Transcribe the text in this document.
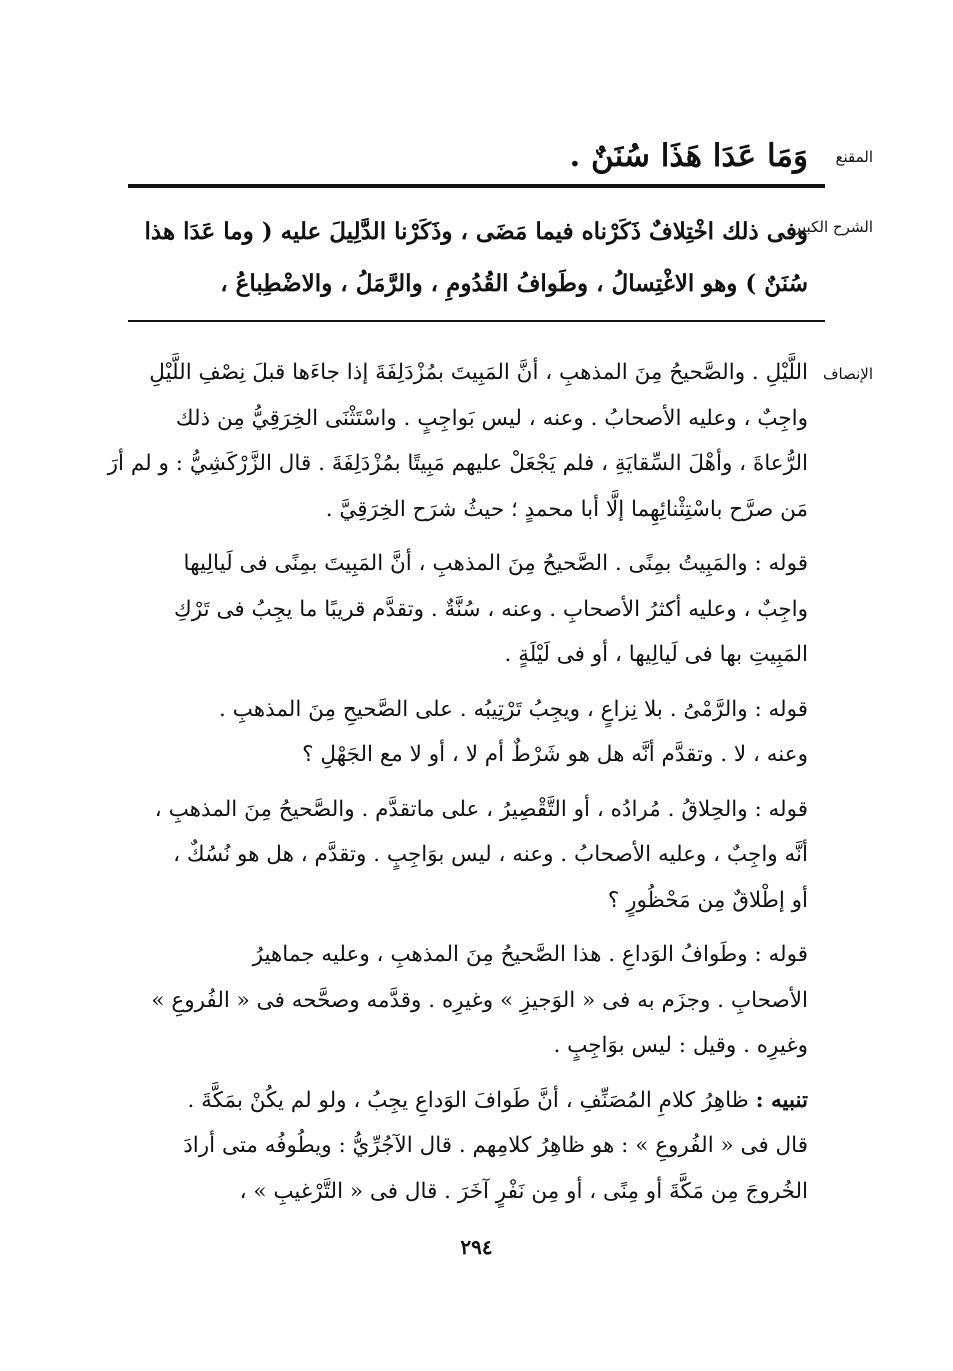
المقنع

وَمَا عَدَا هَذَا سُنَنٌ .

الشرح الكبير

وفى ذلك اخْتِلافٌ ذَكَرْناه فيما مَضَى ، وذَكَرْنا الدَّلِيلَ عليه ( وما عَدَا هذا

سُنَنٌ ) وهو الاغْتِسالُ ، وطَوافُ القُدُومِ ، والرَّمَلُ ، والاضْطِباعُ ،

الإنصاف

اللَّيْلِ . والصَّحيحُ مِنَ المذهبِ ، أنَّ المَبِيتَ بمُزْدَلِفَةَ إذا جاءَها قبلَ نِصْفِ اللَّيْلِ

واجِبٌ ، وعليه الأصحابُ . وعنه ، ليس بَواجِبٍ . واسْتَثْنَى الخِرَقِيُّ مِن ذلك

الرُّعاةَ ، وأهْلَ السِّقايَةِ ، فلم يَجْعَلْ عليهم مَبِيتًا بمُزْدَلِفَةَ . قال الزَّرْكَشِيُّ : و لم أرَ

مَن صرَّح باسْتِثْنائِهِما إلَّا أبا محمدٍ ؛ حيثُ شرَح الخِرَقِيَّ .

قوله : والمَبِيتُ بمِنًى . الصَّحيحُ مِنَ المذهبِ ، أنَّ المَبِيتَ بمِنًى فى لَيالِيها

واجِبٌ ، وعليه أكثرُ الأصحابِ . وعنه ، سُنَّةٌ . وتقدَّم قريبًا ما يجِبُ فى تَرْكِ

المَبِيتِ بها فى لَيالِيها ، أو فى لَيْلَةٍ .

قوله : والرَّمْىُ . بلا نِزاعٍ ، ويجِبُ تَرْتِيبُه . على الصَّحيحِ مِنَ المذهبِ .

وعنه ، لا . وتقدَّم أنَّه هل هو شَرْطٌ أم لا ، أو لا مع الجَهْلِ ؟

قوله : والحِلاقُ . مُرادُه ، أو التَّقْصِيرُ ، على ماتقدَّم . والصَّحيحُ مِنَ المذهبِ ،

أنَّه واجِبٌ ، وعليه الأصحابُ . وعنه ، ليس بوَاجِبٍ . وتقدَّم ، هل هو نُسُكٌ ،

أو إطْلاقٌ مِن مَحْظُورٍ ؟

قوله : وطَوافُ الوَداعِ . هذا الصَّحيحُ مِنَ المذهبِ ، وعليه جماهيرُ

الأصحابِ . وجزَم به فى « الوَجيزِ » وغيرِه . وقدَّمه وصحَّحه فى « الفُروعِ »

وغيرِه . وقيل : ليس بوَاجِبٍ .

تنبيه : ظاهِرُ كلامِ المُصَنِّفِ ، أنَّ طَوافَ الوَداعِ يجِبُ ، ولو لم يكُنْ بمَكَّةَ .

قال فى « الفُروعِ » : هو ظاهِرُ كلامِهم . قال الآجُرِّيُّ : ويطُوفُه متى أرادَ

الخُروجَ مِن مَكَّةَ أو مِنًى ، أو مِن نَفْرٍ آخَرَ . قال فى « التَّرْغيبِ » ،

٢٩٤
